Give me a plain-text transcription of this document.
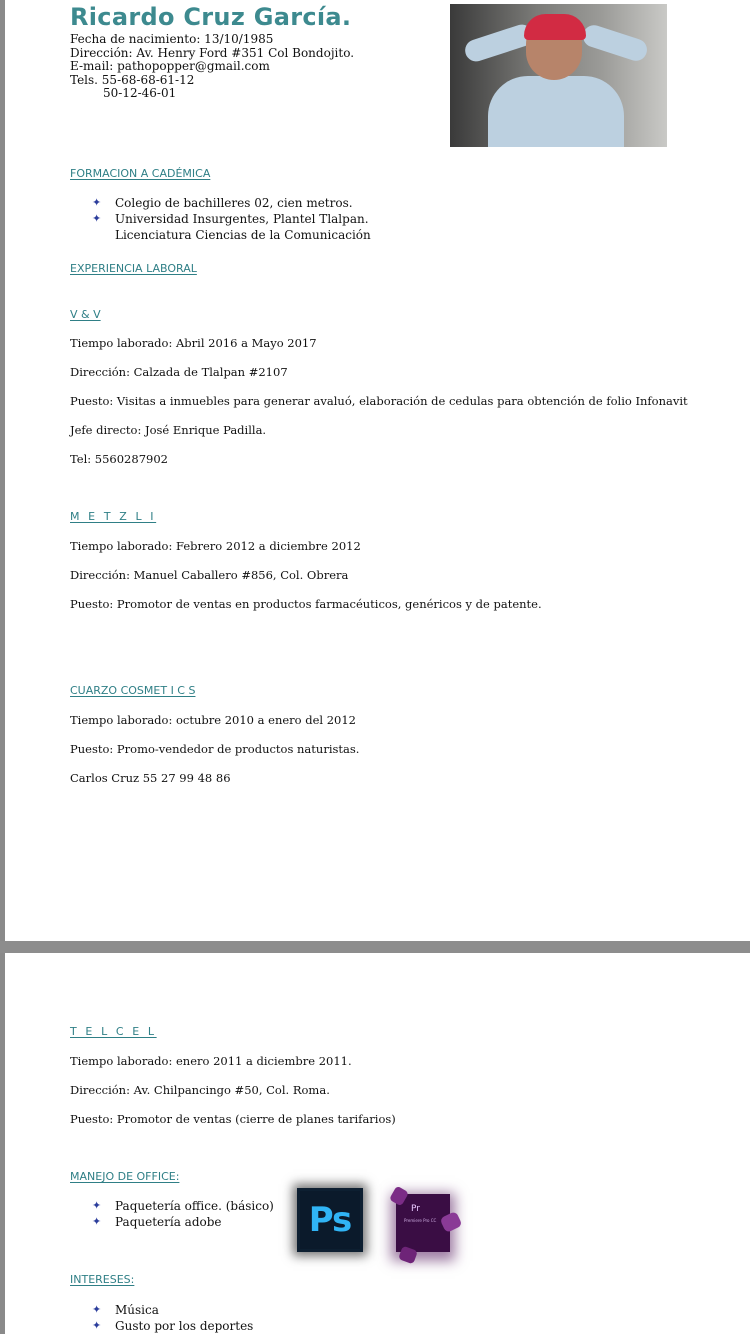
Ricardo Cruz García.
Fecha de nacimiento: 13/10/1985
Dirección: Av. Henry Ford #351 Col Bondojito.
E-mail: pathopopper@gmail.com
Tels. 55-68-68-61-12
50-12-46-01
FORMACION A CADÉMICA
✦ Colegio de bachilleres 02, cien metros.
✦ Universidad Insurgentes, Plantel Tlalpan.
Licenciatura Ciencias de la Comunicación
EXPERIENCIA LABORAL
V & V
Tiempo laborado: Abril 2016 a Mayo 2017
Dirección: Calzada de Tlalpan #2107
Puesto: Visitas a inmuebles para generar avaluó, elaboración de cedulas para obtención de folio Infonavit
Jefe directo: José Enrique Padilla.
Tel: 5560287902
M E T Z L I
Tiempo laborado: Febrero 2012 a diciembre 2012
Dirección: Manuel Caballero #856, Col. Obrera
Puesto: Promotor de ventas en productos farmacéuticos, genéricos y de patente.
CUARZO COSMET I C S
Tiempo laborado: octubre 2010 a enero del 2012
Puesto: Promo-vendedor de productos naturistas.
Carlos Cruz 55 27 99 48 86
T E L C E L
Tiempo laborado: enero 2011 a diciembre 2011.
Dirección: Av. Chilpancingo #50, Col. Roma.
Puesto: Promotor de ventas (cierre de planes tarifarios)
MANEJO DE OFFICE:
✦ Paquetería office. (básico)
✦ Paquetería adobe	Ps	Pr
Premiere Pro CC
INTERESES:
✦ Música
✦ Gusto por los deportes
